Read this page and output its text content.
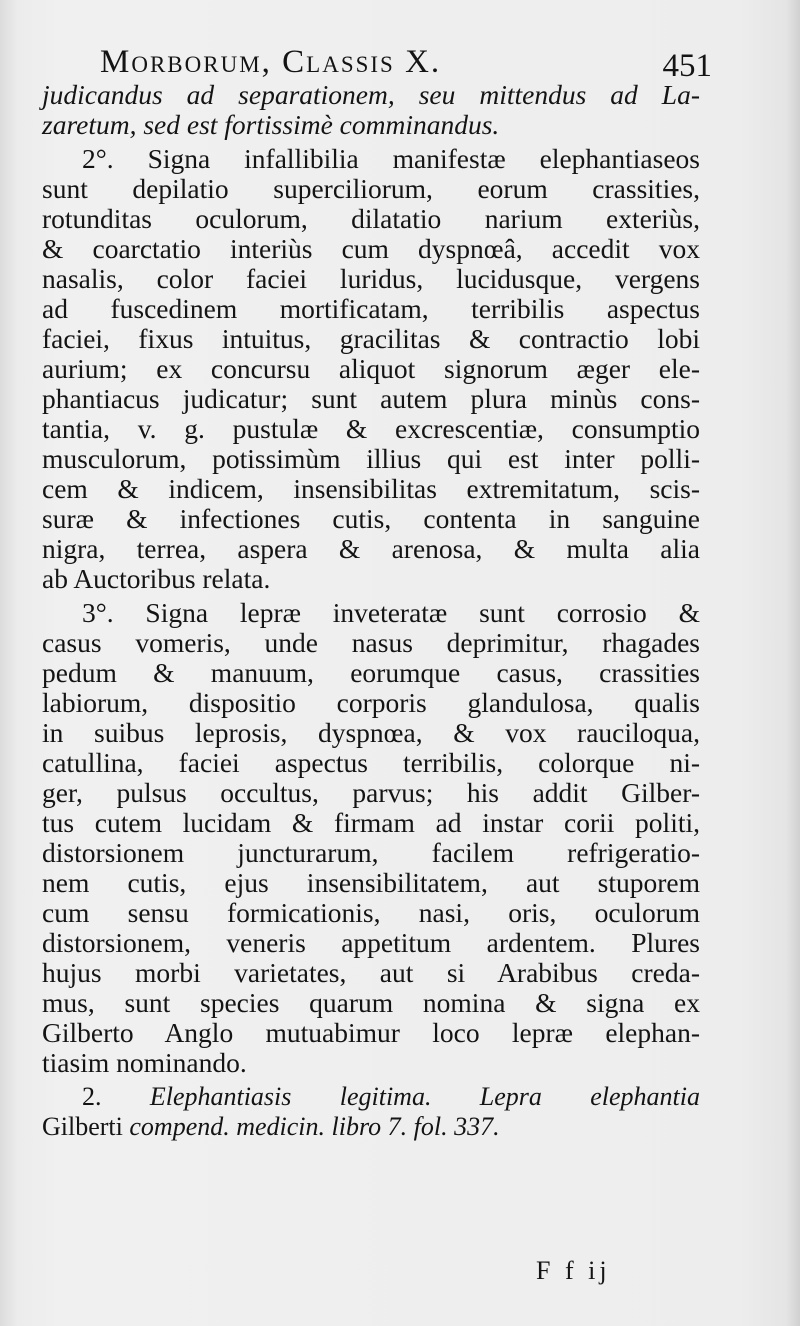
Morborum, Classis X.	451
judicandus ad separationem, seu mittendus ad La-
zaretum, sed est fortissimè comminandus.
2°. Signa infallibilia manifestæ elephantiaseos
sunt depilatio superciliorum, eorum crassities,
rotunditas oculorum, dilatatio narium exteriùs,
& coarctatio interiùs cum dyspnœâ, accedit vox
nasalis, color faciei luridus, lucidusque, vergens
ad fuscedinem mortificatam, terribilis aspectus
faciei, fixus intuitus, gracilitas & contractio lobi
aurium; ex concursu aliquot signorum æger ele-
phantiacus judicatur; sunt autem plura minùs cons-
tantia, v. g. pustulæ & excrescentiæ, consumptio
musculorum, potissimùm illius qui est inter polli-
cem & indicem, insensibilitas extremitatum, scis-
suræ & infectiones cutis, contenta in sanguine
nigra, terrea, aspera & arenosa, & multa alia
ab Auctoribus relata.
3°. Signa lepræ inveteratæ sunt corrosio &
casus vomeris, unde nasus deprimitur, rhagades
pedum & manuum, eorumque casus, crassities
labiorum, dispositio corporis glandulosa, qualis
in suibus leprosis, dyspnœa, & vox rauciloqua,
catullina, faciei aspectus terribilis, colorque ni-
ger, pulsus occultus, parvus; his addit Gilber-
tus cutem lucidam & firmam ad instar corii politi,
distorsionem juncturarum, facilem refrigeratio-
nem cutis, ejus insensibilitatem, aut stuporem
cum sensu formicationis, nasi, oris, oculorum
distorsionem, veneris appetitum ardentem. Plures
hujus morbi varietates, aut si Arabibus creda-
mus, sunt species quarum nomina & signa ex
Gilberto Anglo mutuabimur loco lepræ elephan-
tiasim nominando.
2. Elephantiasis legitima. Lepra elephantia
Gilberti compend. medicin. libro 7. fol. 337.
F f ij
